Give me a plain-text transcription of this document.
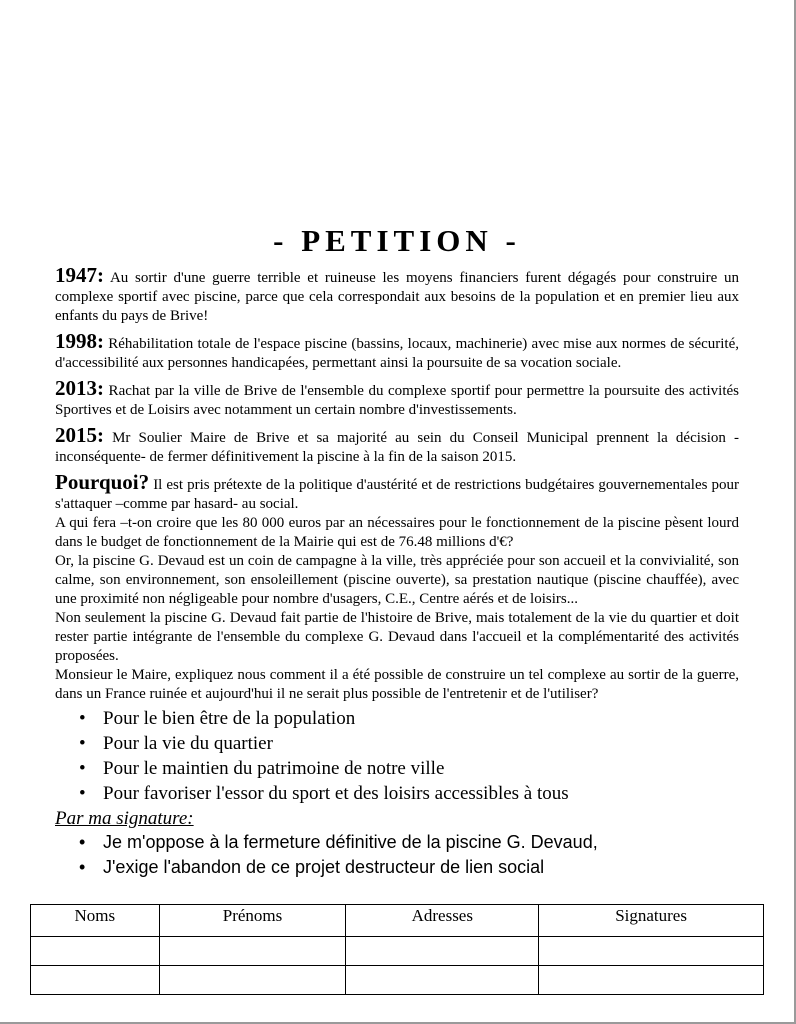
- PETITION -

1947: Au sortir d'une guerre terrible et ruineuse les moyens financiers furent dégagés pour construire un complexe sportif avec piscine, parce que cela correspondait aux besoins de la population et en premier lieu aux enfants du pays de Brive!

1998: Réhabilitation totale de l'espace piscine (bassins, locaux, machinerie) avec mise aux normes de sécurité, d'accessibilité aux personnes handicapées, permettant ainsi la poursuite de sa vocation sociale.

2013: Rachat par la ville de Brive de l'ensemble du complexe sportif pour permettre la poursuite des activités Sportives et de Loisirs avec notamment un certain nombre d'investissements.

2015: Mr Soulier Maire de Brive et sa majorité au sein du Conseil Municipal prennent la décision -inconséquente- de fermer définitivement la piscine à la fin de la saison 2015.

Pourquoi? Il est pris prétexte de la politique d'austérité et de restrictions budgétaires gouvernementales pour s'attaquer –comme par hasard- au social.

A qui fera –t-on croire que les 80 000 euros par an nécessaires pour le fonctionnement de la piscine pèsent lourd dans le budget de fonctionnement de la Mairie qui est de 76.48 millions d'€?

Or, la piscine G. Devaud est un coin de campagne à la ville, très appréciée pour son accueil et la convivialité, son calme, son environnement, son ensoleillement (piscine ouverte), sa prestation nautique (piscine chauffée), avec une proximité non négligeable pour nombre d'usagers, C.E., Centre aérés et de loisirs...

Non seulement la piscine G. Devaud fait partie de l'histoire de Brive, mais totalement de la vie du quartier et doit rester partie intégrante de l'ensemble du complexe G. Devaud dans l'accueil et la complémentarité des activités proposées.

Monsieur le Maire, expliquez nous comment il a été possible de construire un tel complexe au sortir de la guerre, dans un France ruinée et aujourd'hui il ne serait plus possible de l'entretenir et de l'utiliser?

• Pour le bien être de la population
• Pour la vie du quartier
• Pour le maintien du patrimoine de notre ville
• Pour favoriser l'essor du sport et des loisirs accessibles à tous

Par ma signature:

• Je m'oppose à la fermeture définitive de la piscine G. Devaud,
• J'exige l'abandon de ce projet destructeur de lien social
Noms	Prénoms	Adresses	Signatures
